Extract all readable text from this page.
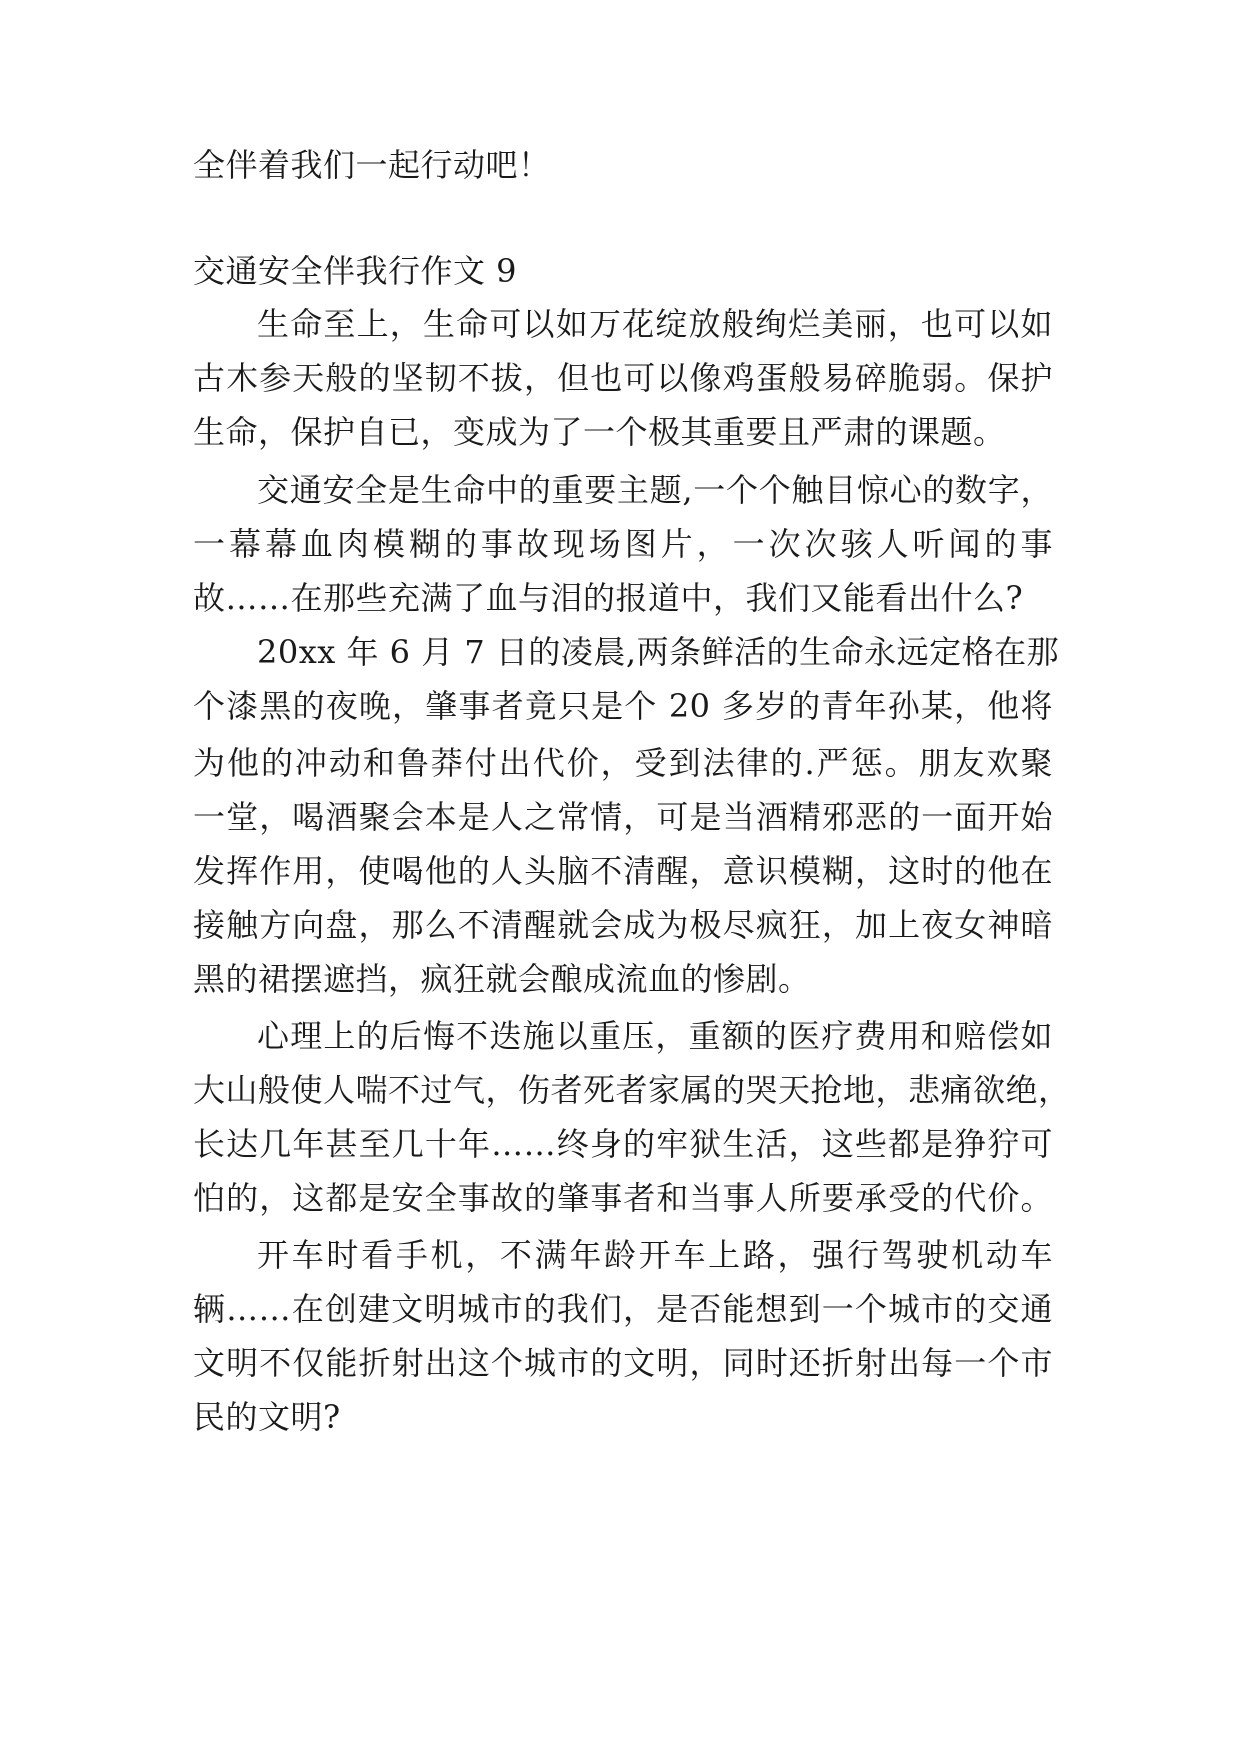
全伴着我们一起行动吧！
交通安全伴我行作文 9
生命至上，生命可以如万花绽放般绚烂美丽，也可以如
古木参天般的坚韧不拔，但也可以像鸡蛋般易碎脆弱。保护
生命，保护自已，变成为了一个极其重要且严肃的课题。
交通安全是生命中的重要主题,一个个触目惊心的数字，
一幕幕血肉模糊的事故现场图片，一次次骇人听闻的事
故……在那些充满了血与泪的报道中，我们又能看出什么?
20xx 年 6 月 7 日的凌晨,两条鲜活的生命永远定格在那
个漆黑的夜晚，肇事者竟只是个 20 多岁的青年孙某，他将
为他的冲动和鲁莽付出代价，受到法律的.严惩。朋友欢聚
一堂，喝酒聚会本是人之常情，可是当酒精邪恶的一面开始
发挥作用，使喝他的人头脑不清醒，意识模糊，这时的他在
接触方向盘，那么不清醒就会成为极尽疯狂，加上夜女神暗
黑的裙摆遮挡，疯狂就会酿成流血的惨剧。
心理上的后悔不迭施以重压，重额的医疗费用和赔偿如
大山般使人喘不过气，伤者死者家属的哭天抢地，悲痛欲绝，
长达几年甚至几十年……终身的牢狱生活，这些都是狰狞可
怕的，这都是安全事故的肇事者和当事人所要承受的代价。
开车时看手机，不满年龄开车上路，强行驾驶机动车
辆……在创建文明城市的我们，是否能想到一个城市的交通
文明不仅能折射出这个城市的文明，同时还折射出每一个市
民的文明?
